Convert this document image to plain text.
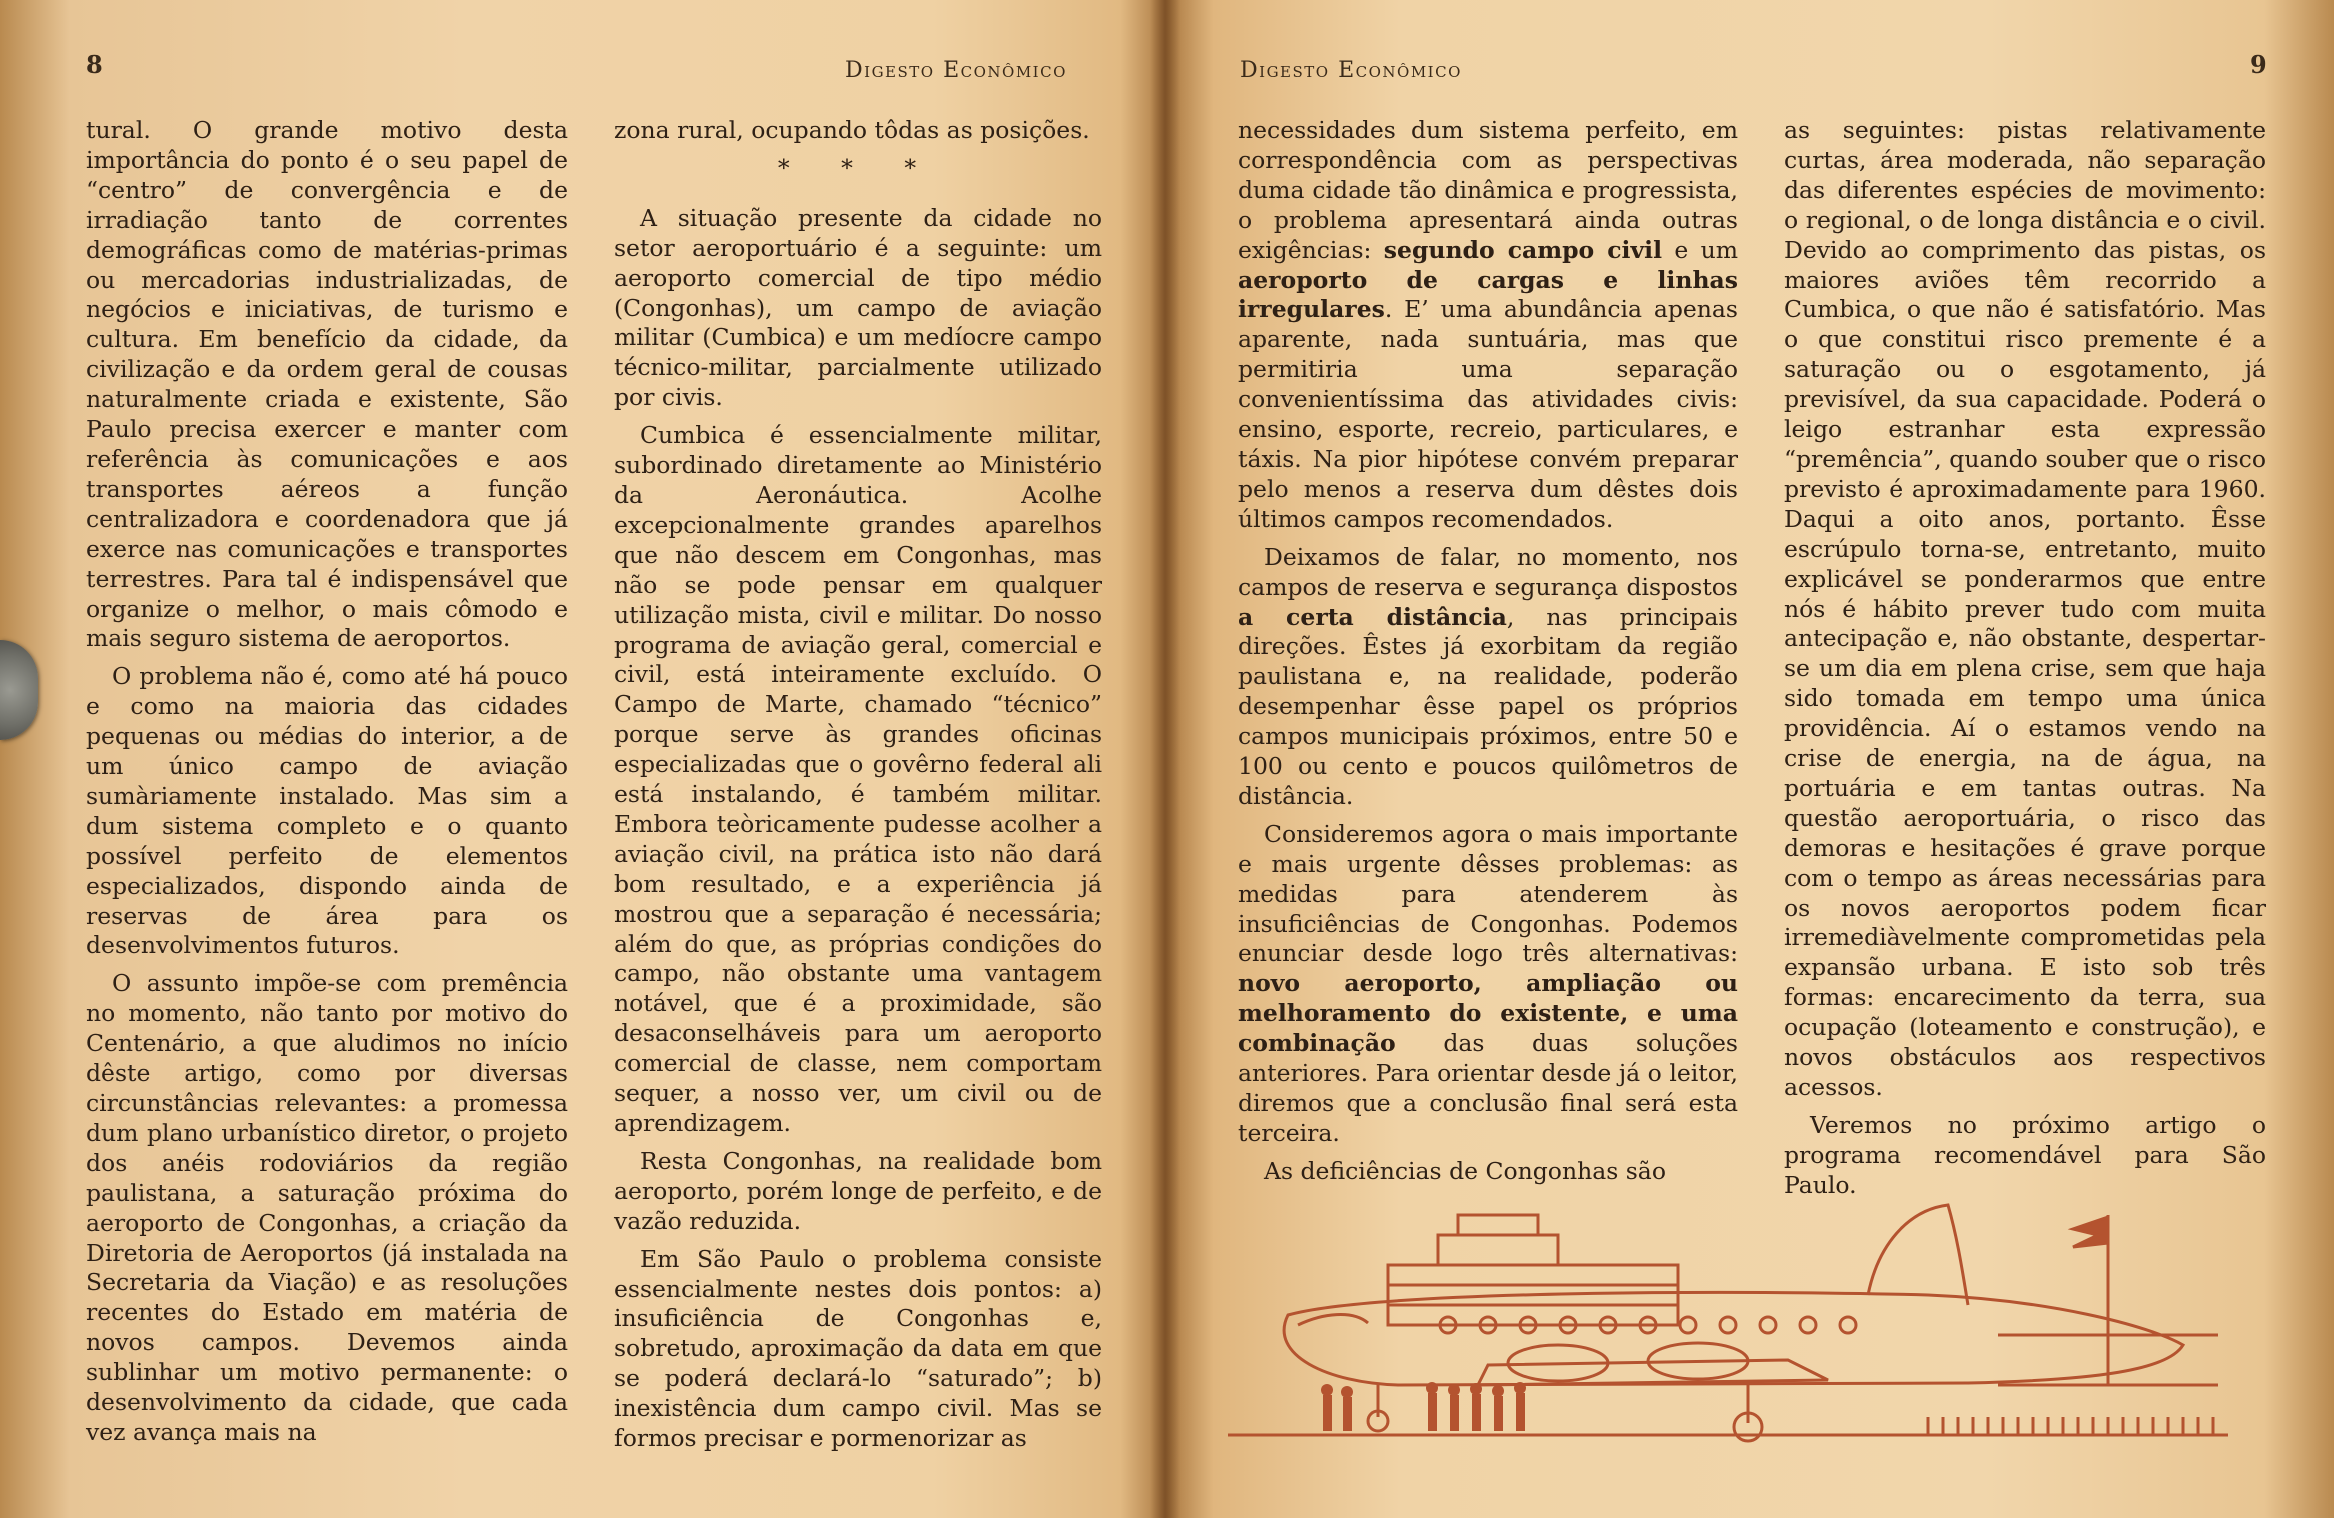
8	Digesto Econômico

tural. O grande motivo desta importância do ponto é o seu papel de “centro” de convergência e de irradiação tanto de correntes demográficas como de matérias-primas ou mercadorias industrializadas, de negócios e iniciativas, de turismo e cultura. Em benefício da cidade, da civilização e da ordem geral de cousas naturalmente criada e existente, São Paulo precisa exercer e manter com referência às comunicações e aos transportes aéreos a função centralizadora e coordenadora que já exerce nas comunicações e transportes terrestres. Para tal é indispensável que organize o melhor, o mais cômodo e mais seguro sistema de aeroportos.

O problema não é, como até há pouco e como na maioria das cidades pequenas ou médias do interior, a de um único campo de aviação sumàriamente instalado. Mas sim a dum sistema completo e o quanto possível perfeito de elementos especializados, dispondo ainda de reservas de área para os desenvolvimentos futuros.

O assunto impõe-se com premência no momento, não tanto por motivo do Centenário, a que aludimos no início dêste artigo, como por diversas circunstâncias relevantes: a promessa dum plano urbanístico diretor, o projeto dos anéis rodoviários da região paulistana, a saturação próxima do aeroporto de Congonhas, a criação da Diretoria de Aeroportos (já instalada na Secretaria da Viação) e as resoluções recentes do Estado em matéria de novos campos. Devemos ainda sublinhar um motivo permanente: o desenvolvimento da cidade, que cada vez avança mais na

zona rural, ocupando tôdas as posições.

* * *

A situação presente da cidade no setor aeroportuário é a seguinte: um aeroporto comercial de tipo médio (Congonhas), um campo de aviação militar (Cumbica) e um medíocre campo técnico-militar, parcialmente utilizado por civis.

Cumbica é essencialmente militar, subordinado diretamente ao Ministério da Aeronáutica. Acolhe excepcionalmente grandes aparelhos que não descem em Congonhas, mas não se pode pensar em qualquer utilização mista, civil e militar. Do nosso programa de aviação geral, comercial e civil, está inteiramente excluído. O Campo de Marte, chamado “técnico” porque serve às grandes oficinas especializadas que o govêrno federal ali está instalando, é também militar. Embora teòricamente pudesse acolher a aviação civil, na prática isto não dará bom resultado, e a experiência já mostrou que a separação é necessária; além do que, as próprias condições do campo, não obstante uma vantagem notável, que é a proximidade, são desaconselháveis para um aeroporto comercial de classe, nem comportam sequer, a nosso ver, um civil ou de aprendizagem.

Resta Congonhas, na realidade bom aeroporto, porém longe de perfeito, e de vazão reduzida.

Em São Paulo o problema consiste essencialmente nestes dois pontos: a) insuficiência de Congonhas e, sobretudo, aproximação da data em que se poderá declará-lo “saturado”; b) inexistência dum campo civil. Mas se formos precisar e pormenorizar as

Digesto Econômico	9

necessidades dum sistema perfeito, em correspondência com as perspectivas duma cidade tão dinâmica e progressista, o problema apresentará ainda outras exigências: segundo campo civil e um aeroporto de cargas e linhas irregulares. E’ uma abundância apenas aparente, nada suntuária, mas que permitiria uma separação convenientíssima das atividades civis: ensino, esporte, recreio, particulares, e táxis. Na pior hipótese convém preparar pelo menos a reserva dum dêstes dois últimos campos recomendados.

Deixamos de falar, no momento, nos campos de reserva e segurança dispostos a certa distância, nas principais direções. Êstes já exorbitam da região paulistana e, na realidade, poderão desempenhar êsse papel os próprios campos municipais próximos, entre 50 e 100 ou cento e poucos quilômetros de distância.

Consideremos agora o mais importante e mais urgente dêsses problemas: as medidas para atenderem às insuficiências de Congonhas. Podemos enunciar desde logo três alternativas: novo aeroporto, ampliação ou melhoramento do existente, e uma combinação das duas soluções anteriores. Para orientar desde já o leitor, diremos que a conclusão final será esta terceira.

As deficiências de Congonhas são

as seguintes: pistas relativamente curtas, área moderada, não separação das diferentes espécies de movimento: o regional, o de longa distância e o civil. Devido ao comprimento das pistas, os maiores aviões têm recorrido a Cumbica, o que não é satisfatório. Mas o que constitui risco premente é a saturação ou o esgotamento, já previsível, da sua capacidade. Poderá o leigo estranhar esta expressão “premência”, quando souber que o risco previsto é aproximadamente para 1960. Daqui a oito anos, portanto. Êsse escrúpulo torna-se, entretanto, muito explicável se ponderarmos que entre nós é hábito prever tudo com muita antecipação e, não obstante, despertar-se um dia em plena crise, sem que haja sido tomada em tempo uma única providência. Aí o estamos vendo na crise de energia, na de água, na portuária e em tantas outras. Na questão aeroportuária, o risco das demoras e hesitações é grave porque com o tempo as áreas necessárias para os novos aeroportos podem ficar irremediàvelmente comprometidas pela expansão urbana. E isto sob três formas: encarecimento da terra, sua ocupação (loteamento e construção), e novos obstáculos aos respectivos acessos.

Veremos no próximo artigo o programa recomendável para São Paulo.
